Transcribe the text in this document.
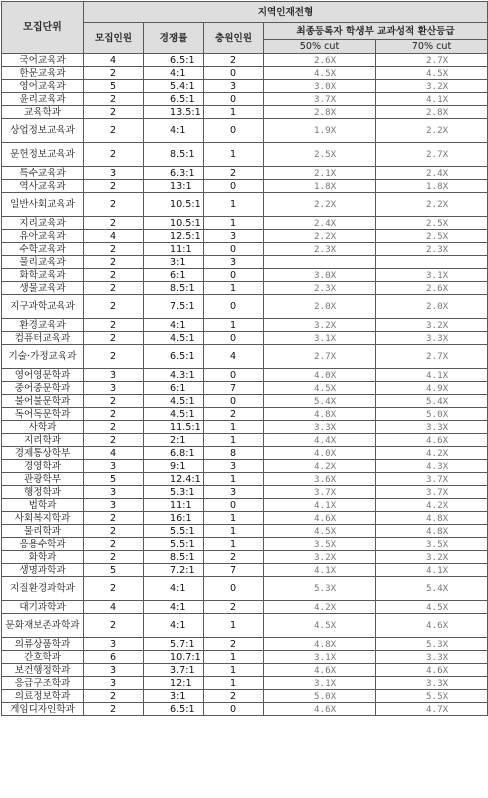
모집단위	지역인재전형				
	모집인원	경쟁률	충원인원	최종등록자 학생부 교과성적 환산등급	
				50% cut	70% cut
국어교육과	4	6.5:1	2	2.6X	2.7X
한문교육과	2	4:1	0	4.5X	4.5X
영어교육과	5	5.4:1	3	3.0X	3.2X
윤리교육과	2	6.5:1	0	3.7X	4.1X
교육학과	2	13.5:1	1	2.8X	2.8X
상업정보교육과	2	4:1	0	1.9X	2.2X
문헌정보교육과	2	8.5:1	1	2.5X	2.7X
특수교육과	3	6.3:1	2	2.1X	2.4X
역사교육과	2	13:1	0	1.8X	1.8X
일반사회교육과	2	10.5:1	1	2.2X	2.2X
지리교육과	2	10.5:1	1	2.4X	2.5X
유아교육과	4	12.5:1	3	2.2X	2.5X
수학교육과	2	11:1	0	2.3X	2.3X
물리교육과	2	3:1	3		
화학교육과	2	6:1	0	3.0X	3.1X
생물교육과	2	8.5:1	1	2.3X	2.6X
지구과학교육과	2	7.5:1	0	2.0X	2.0X
환경교육과	2	4:1	1	3.2X	3.2X
컴퓨터교육과	2	4.5:1	0	3.1X	3.3X
기술·가정교육과	2	6.5:1	4	2.7X	2.7X
영어영문학과	3	4.3:1	0	4.0X	4.1X
중어중문학과	3	6:1	7	4.5X	4.9X
불어불문학과	2	4.5:1	0	5.4X	5.4X
독어독문학과	2	4.5:1	2	4.8X	5.0X
사학과	2	11.5:1	1	3.3X	3.3X
지리학과	2	2:1	1	4.4X	4.6X
경제통상학부	4	6.8:1	8	4.0X	4.2X
경영학과	3	9:1	3	4.2X	4.3X
관광학부	5	12.4:1	1	3.6X	3.7X
행정학과	3	5.3:1	3	3.7X	3.7X
법학과	3	11:1	0	4.1X	4.2X
사회복지학과	2	16:1	1	4.6X	4.8X
물리학과	2	5.5:1	1	4.5X	4.8X
응용수학과	2	5.5:1	1	3.5X	3.5X
화학과	2	8.5:1	2	3.2X	3.2X
생명과학과	5	7.2:1	7	4.1X	4.1X
지질환경과학과	2	4:1	0	5.3X	5.4X
대기과학과	4	4:1	2	4.2X	4.5X
문화재보존과학과	2	4:1	1	4.5X	4.6X
의류상품학과	3	5.7:1	2	4.8X	5.3X
간호학과	6	10.7:1	1	3.1X	3.3X
보건행정학과	3	3.7:1	1	4.6X	4.6X
응급구조학과	3	12:1	1	3.1X	3.3X
의료정보학과	2	3:1	2	5.0X	5.5X
게임디자인학과	2	6.5:1	0	4.6X	4.7X
